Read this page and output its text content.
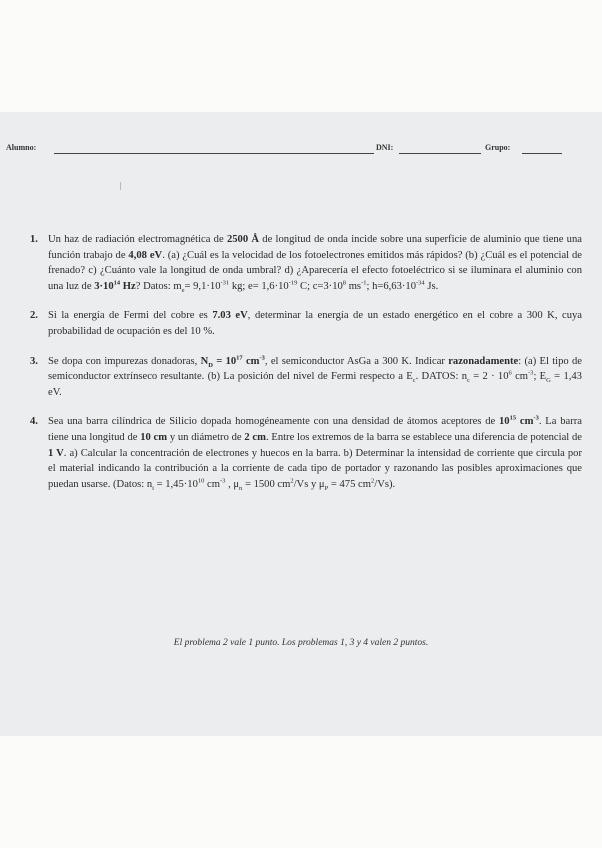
Alumno:	DNI:	Grupo:
1. Un haz de radiación electromagnética de 2500 Å de longitud de onda incide sobre una superficie de aluminio que tiene una función trabajo de 4,08 eV. (a) ¿Cuál es la velocidad de los fotoelectrones emitidos más rápidos? (b) ¿Cuál es el potencial de frenado? c) ¿Cuánto vale la longitud de onda umbral? d) ¿Aparecería el efecto fotoeléctrico si se iluminara el aluminio con una luz de $3\cdot 10^{14}$ Hz? Datos: $m_e= 9,1\cdot 10^{-31}$ kg; $e= 1,6\cdot 10^{-19}$ C; $c=3\cdot 10^8$ $ms^{-1}$; $h=6,63\cdot 10^{-34}$ Js.
2. Si la energía de Fermi del cobre es 7.03 eV, determinar la energía de un estado energético en el cobre a 300 K, cuya probabilidad de ocupación es del 10 %.
3. Se dopa con impurezas donadoras, $N_D = 10^{17}$ $cm^{-3}$, el semiconductor AsGa a 300 K. Indicar razonadamente: (a) El tipo de semiconductor extrínseco resultante. (b) La posición del nivel de Fermi respecto a $E_c$. DATOS: $n_c = 2 \cdot 10^6$ $cm^{-3}$; $E_G = 1,43$ eV.
4. Sea una barra cilíndrica de Silicio dopada homogéneamente con una densidad de átomos aceptores de $10^{15}$ $cm^{-3}$. La barra tiene una longitud de 10 cm y un diámetro de 2 cm. Entre los extremos de la barra se establece una diferencia de potencial de 1 V. a) Calcular la concentración de electrones y huecos en la barra. b) Determinar la intensidad de corriente que circula por el material indicando la contribución a la corriente de cada tipo de portador y razonando las posibles aproximaciones que puedan usarse. (Datos: $n_i = 1,45\cdot 10^{10}$ $cm^{-3}$ , $\mu_n = 1500$ $cm^2/Vs$ y $\mu_P = 475$ $cm^2/Vs$).
El problema 2 vale 1 punto. Los problemas 1, 3 y 4 valen 2 puntos.
